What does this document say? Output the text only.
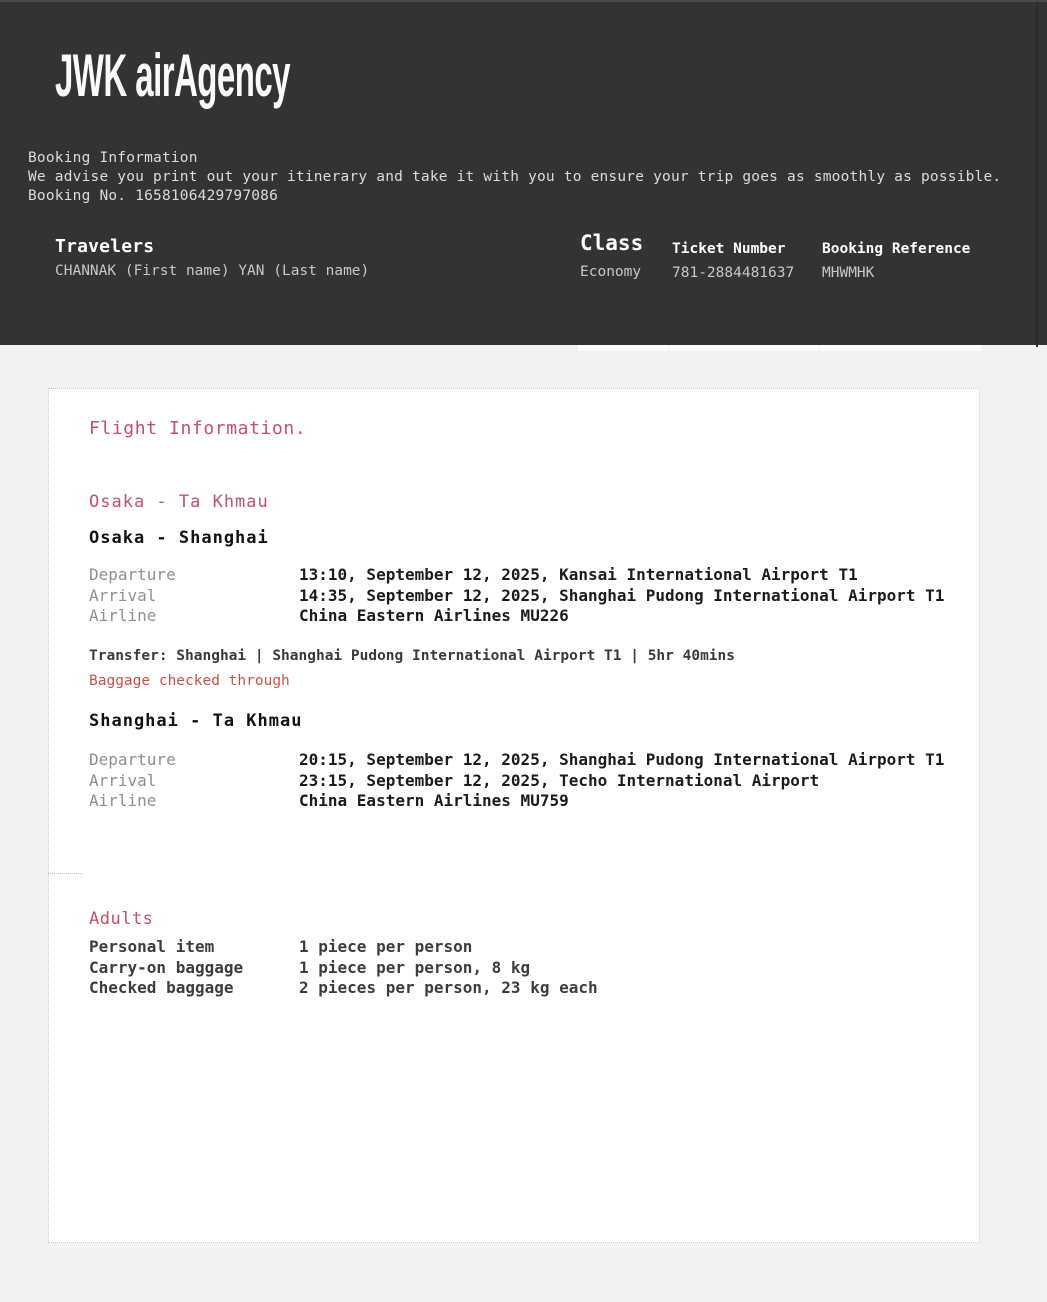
JWK airAgency
Booking Information
We advise you print out your itinerary and take it with you to ensure your trip goes as smoothly as possible.
Booking No. 1658106429797086
Travelers
CHANNAK (First name) YAN (Last name)
Class
Economy
Ticket Number
781-2884481637
Booking Reference
MHWMHK
Flight Information.
Osaka - Ta Khmau
Osaka - Shanghai
Departure	13:10, September 12, 2025, Kansai International Airport T1
Arrival	14:35, September 12, 2025, Shanghai Pudong International Airport T1
Airline	China Eastern Airlines MU226
Transfer: Shanghai | Shanghai Pudong International Airport T1 | 5hr 40mins
Baggage checked through
Shanghai - Ta Khmau
Departure	20:15, September 12, 2025, Shanghai Pudong International Airport T1
Arrival	23:15, September 12, 2025, Techo International Airport
Airline	China Eastern Airlines MU759
Adults
Personal item	1 piece per person
Carry-on baggage	1 piece per person, 8 kg
Checked baggage	2 pieces per person, 23 kg each
